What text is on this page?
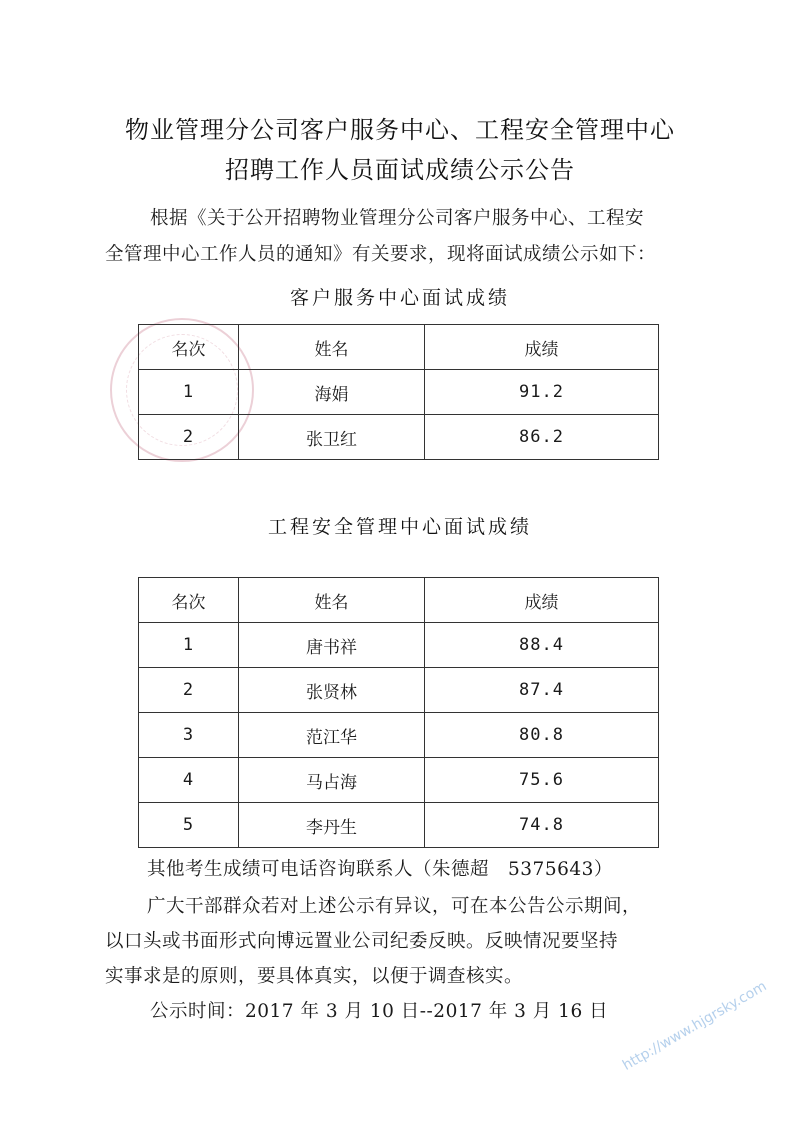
物业管理分公司客户服务中心、工程安全管理中心
招聘工作人员面试成绩公示公告
根据《关于公开招聘物业管理分公司客户服务中心、工程安
全管理中心工作人员的通知》有关要求，现将面试成绩公示如下：
客户服务中心面试成绩
名次	姓名	成绩
1	海娟	91.2
2	张卫红	86.2
工程安全管理中心面试成绩
名次	姓名	成绩
1	唐书祥	88.4
2	张贤林	87.4
3	范江华	80.8
4	马占海	75.6
5	李丹生	74.8
其他考生成绩可电话咨询联系人（朱德超　5375643）
广大干部群众若对上述公示有异议，可在本公告公示期间，
以口头或书面形式向博远置业公司纪委反映。反映情况要坚持
实事求是的原则，要具体真实，以便于调查核实。
公示时间：2017 年 3 月 10 日--2017 年 3 月 16 日 http://www.hjgrsky.com
